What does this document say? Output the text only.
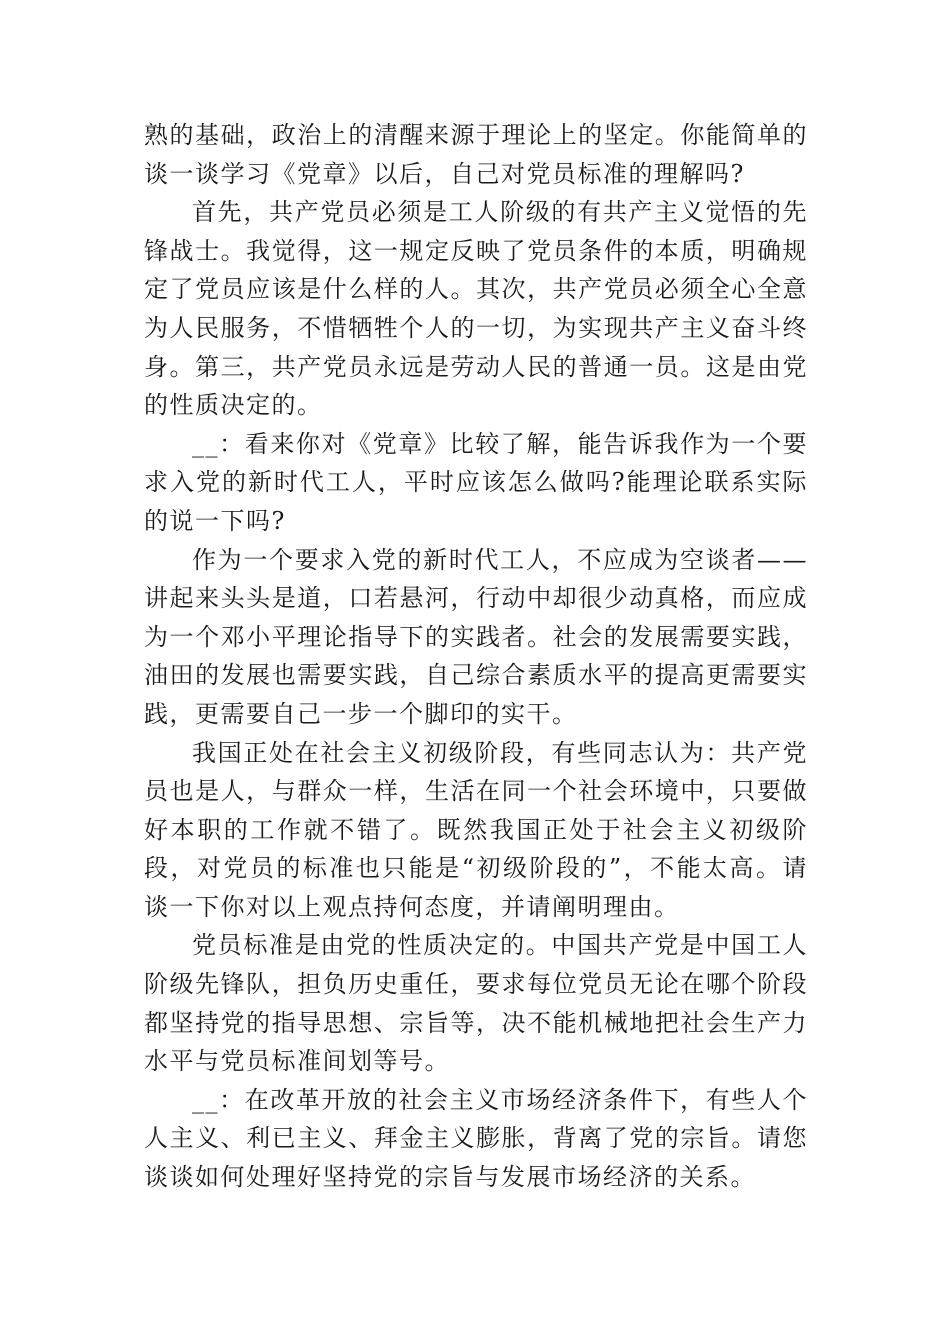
熟的基础，政治上的清醒来源于理论上的坚定。你能简单的谈一谈学习《党章》以后，自己对党员标准的理解吗?

首先，共产党员必须是工人阶级的有共产主义觉悟的先锋战士。我觉得，这一规定反映了党员条件的本质，明确规定了党员应该是什么样的人。其次，共产党员必须全心全意为人民服务，不惜牺牲个人的一切，为实现共产主义奋斗终身。第三，共产党员永远是劳动人民的普通一员。这是由党的性质决定的。

__：看来你对《党章》比较了解，能告诉我作为一个要求入党的新时代工人，平时应该怎么做吗?能理论联系实际的说一下吗?

作为一个要求入党的新时代工人，不应成为空谈者——讲起来头头是道，口若悬河，行动中却很少动真格，而应成为一个邓小平理论指导下的实践者。社会的发展需要实践，油田的发展也需要实践，自己综合素质水平的提高更需要实践，更需要自己一步一个脚印的实干。

我国正处在社会主义初级阶段，有些同志认为：共产党员也是人，与群众一样，生活在同一个社会环境中，只要做好本职的工作就不错了。既然我国正处于社会主义初级阶段，对党员的标准也只能是“初级阶段的”，不能太高。请谈一下你对以上观点持何态度，并请阐明理由。

党员标准是由党的性质决定的。中国共产党是中国工人阶级先锋队，担负历史重任，要求每位党员无论在哪个阶段都坚持党的指导思想、宗旨等，决不能机械地把社会生产力水平与党员标准间划等号。

__：在改革开放的社会主义市场经济条件下，有些人个人主义、利已主义、拜金主义膨胀，背离了党的宗旨。请您谈谈如何处理好坚持党的宗旨与发展市场经济的关系。
